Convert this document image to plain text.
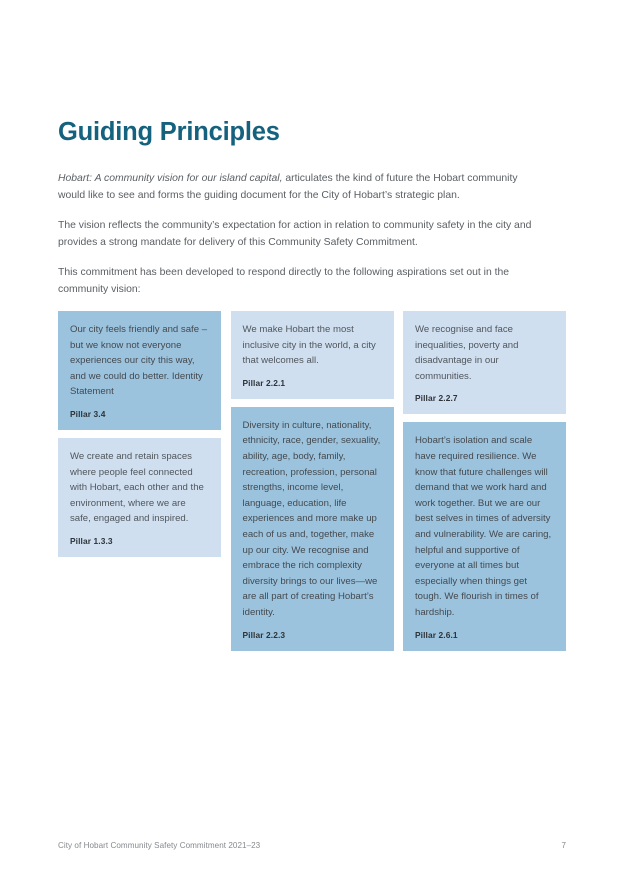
Guiding Principles

Hobart: A community vision for our island capital, articulates the kind of future the Hobart community would like to see and forms the guiding document for the City of Hobart’s strategic plan.

The vision reflects the community’s expectation for action in relation to community safety in the city and provides a strong mandate for delivery of this Community Safety Commitment.

This commitment has been developed to respond directly to the following aspirations set out in the community vision:

Our city feels friendly and safe – but we know not everyone experiences our city this way, and we could do better. Identity Statement

Pillar 3.4

We create and retain spaces where people feel connected with Hobart, each other and the environment, where we are safe, engaged and inspired.

Pillar 1.3.3

We make Hobart the most inclusive city in the world, a city that welcomes all.

Pillar 2.2.1

Diversity in culture, nationality, ethnicity, race, gender, sexuality, ability, age, body, family, recreation, profession, personal strengths, income level, language, education, life experiences and more make up each of us and, together, make up our city. We recognise and embrace the rich complexity diversity brings to our lives—we are all part of creating Hobart’s identity.

Pillar 2.2.3

We recognise and face inequalities, poverty and disadvantage in our communities.

Pillar 2.2.7

Hobart’s isolation and scale have required resilience. We know that future challenges will demand that we work hard and work together. But we are our best selves in times of adversity and vulnerability. We are caring, helpful and supportive of everyone at all times but especially when things get tough. We flourish in times of hardship.

Pillar 2.6.1

City of Hobart Community Safety Commitment 2021–23	7
